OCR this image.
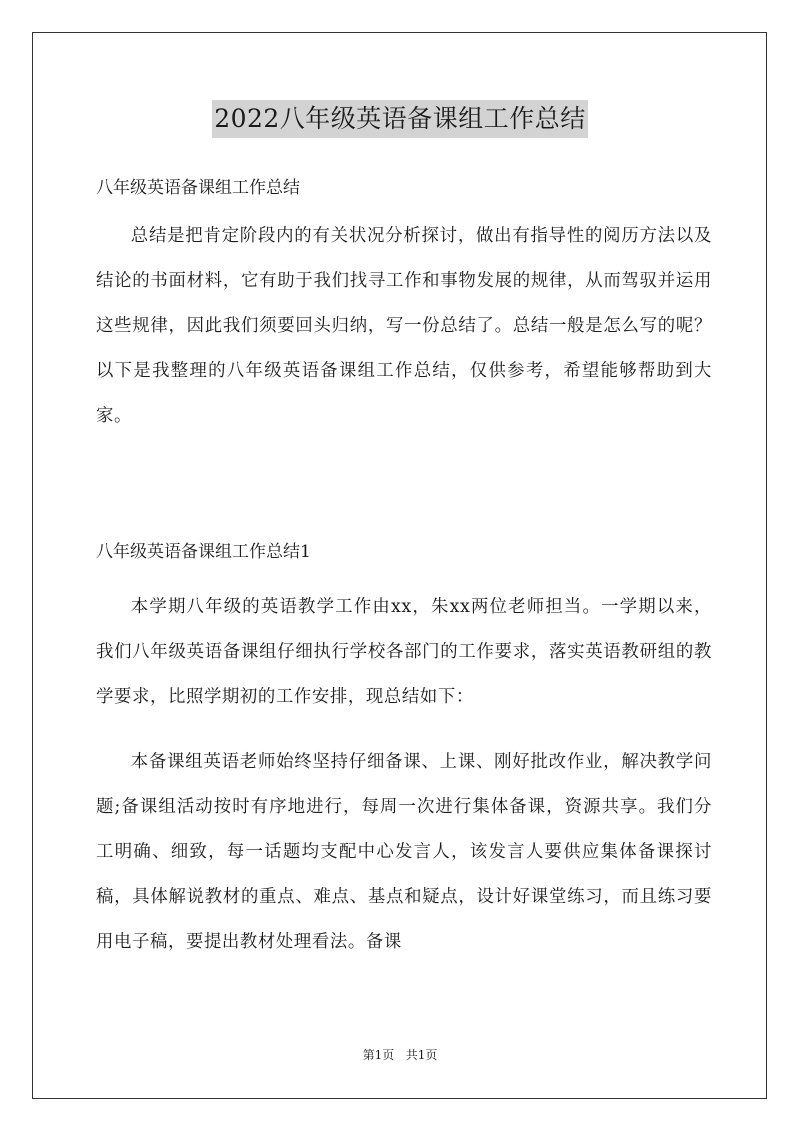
2022八年级英语备课组工作总结
八年级英语备课组工作总结
总结是把肯定阶段内的有关状况分析探讨，做出有指导性的阅历方法以及结论的书面材料，它有助于我们找寻工作和事物发展的规律，从而驾驭并运用这些规律，因此我们须要回头归纳，写一份总结了。总结一般是怎么写的呢？以下是我整理的八年级英语备课组工作总结，仅供参考，希望能够帮助到大家。
八年级英语备课组工作总结1
本学期八年级的英语教学工作由xx，朱xx两位老师担当。一学期以来，我们八年级英语备课组仔细执行学校各部门的工作要求，落实英语教研组的教学要求，比照学期初的工作安排，现总结如下：
本备课组英语老师始终坚持仔细备课、上课、刚好批改作业，解决教学问题;备课组活动按时有序地进行，每周一次进行集体备课，资源共享。我们分工明确、细致，每一话题均支配中心发言人，该发言人要供应集体备课探讨稿，具体解说教材的重点、难点、基点和疑点，设计好课堂练习，而且练习要用电子稿，要提出教材处理看法。备课
第1页   共1页
